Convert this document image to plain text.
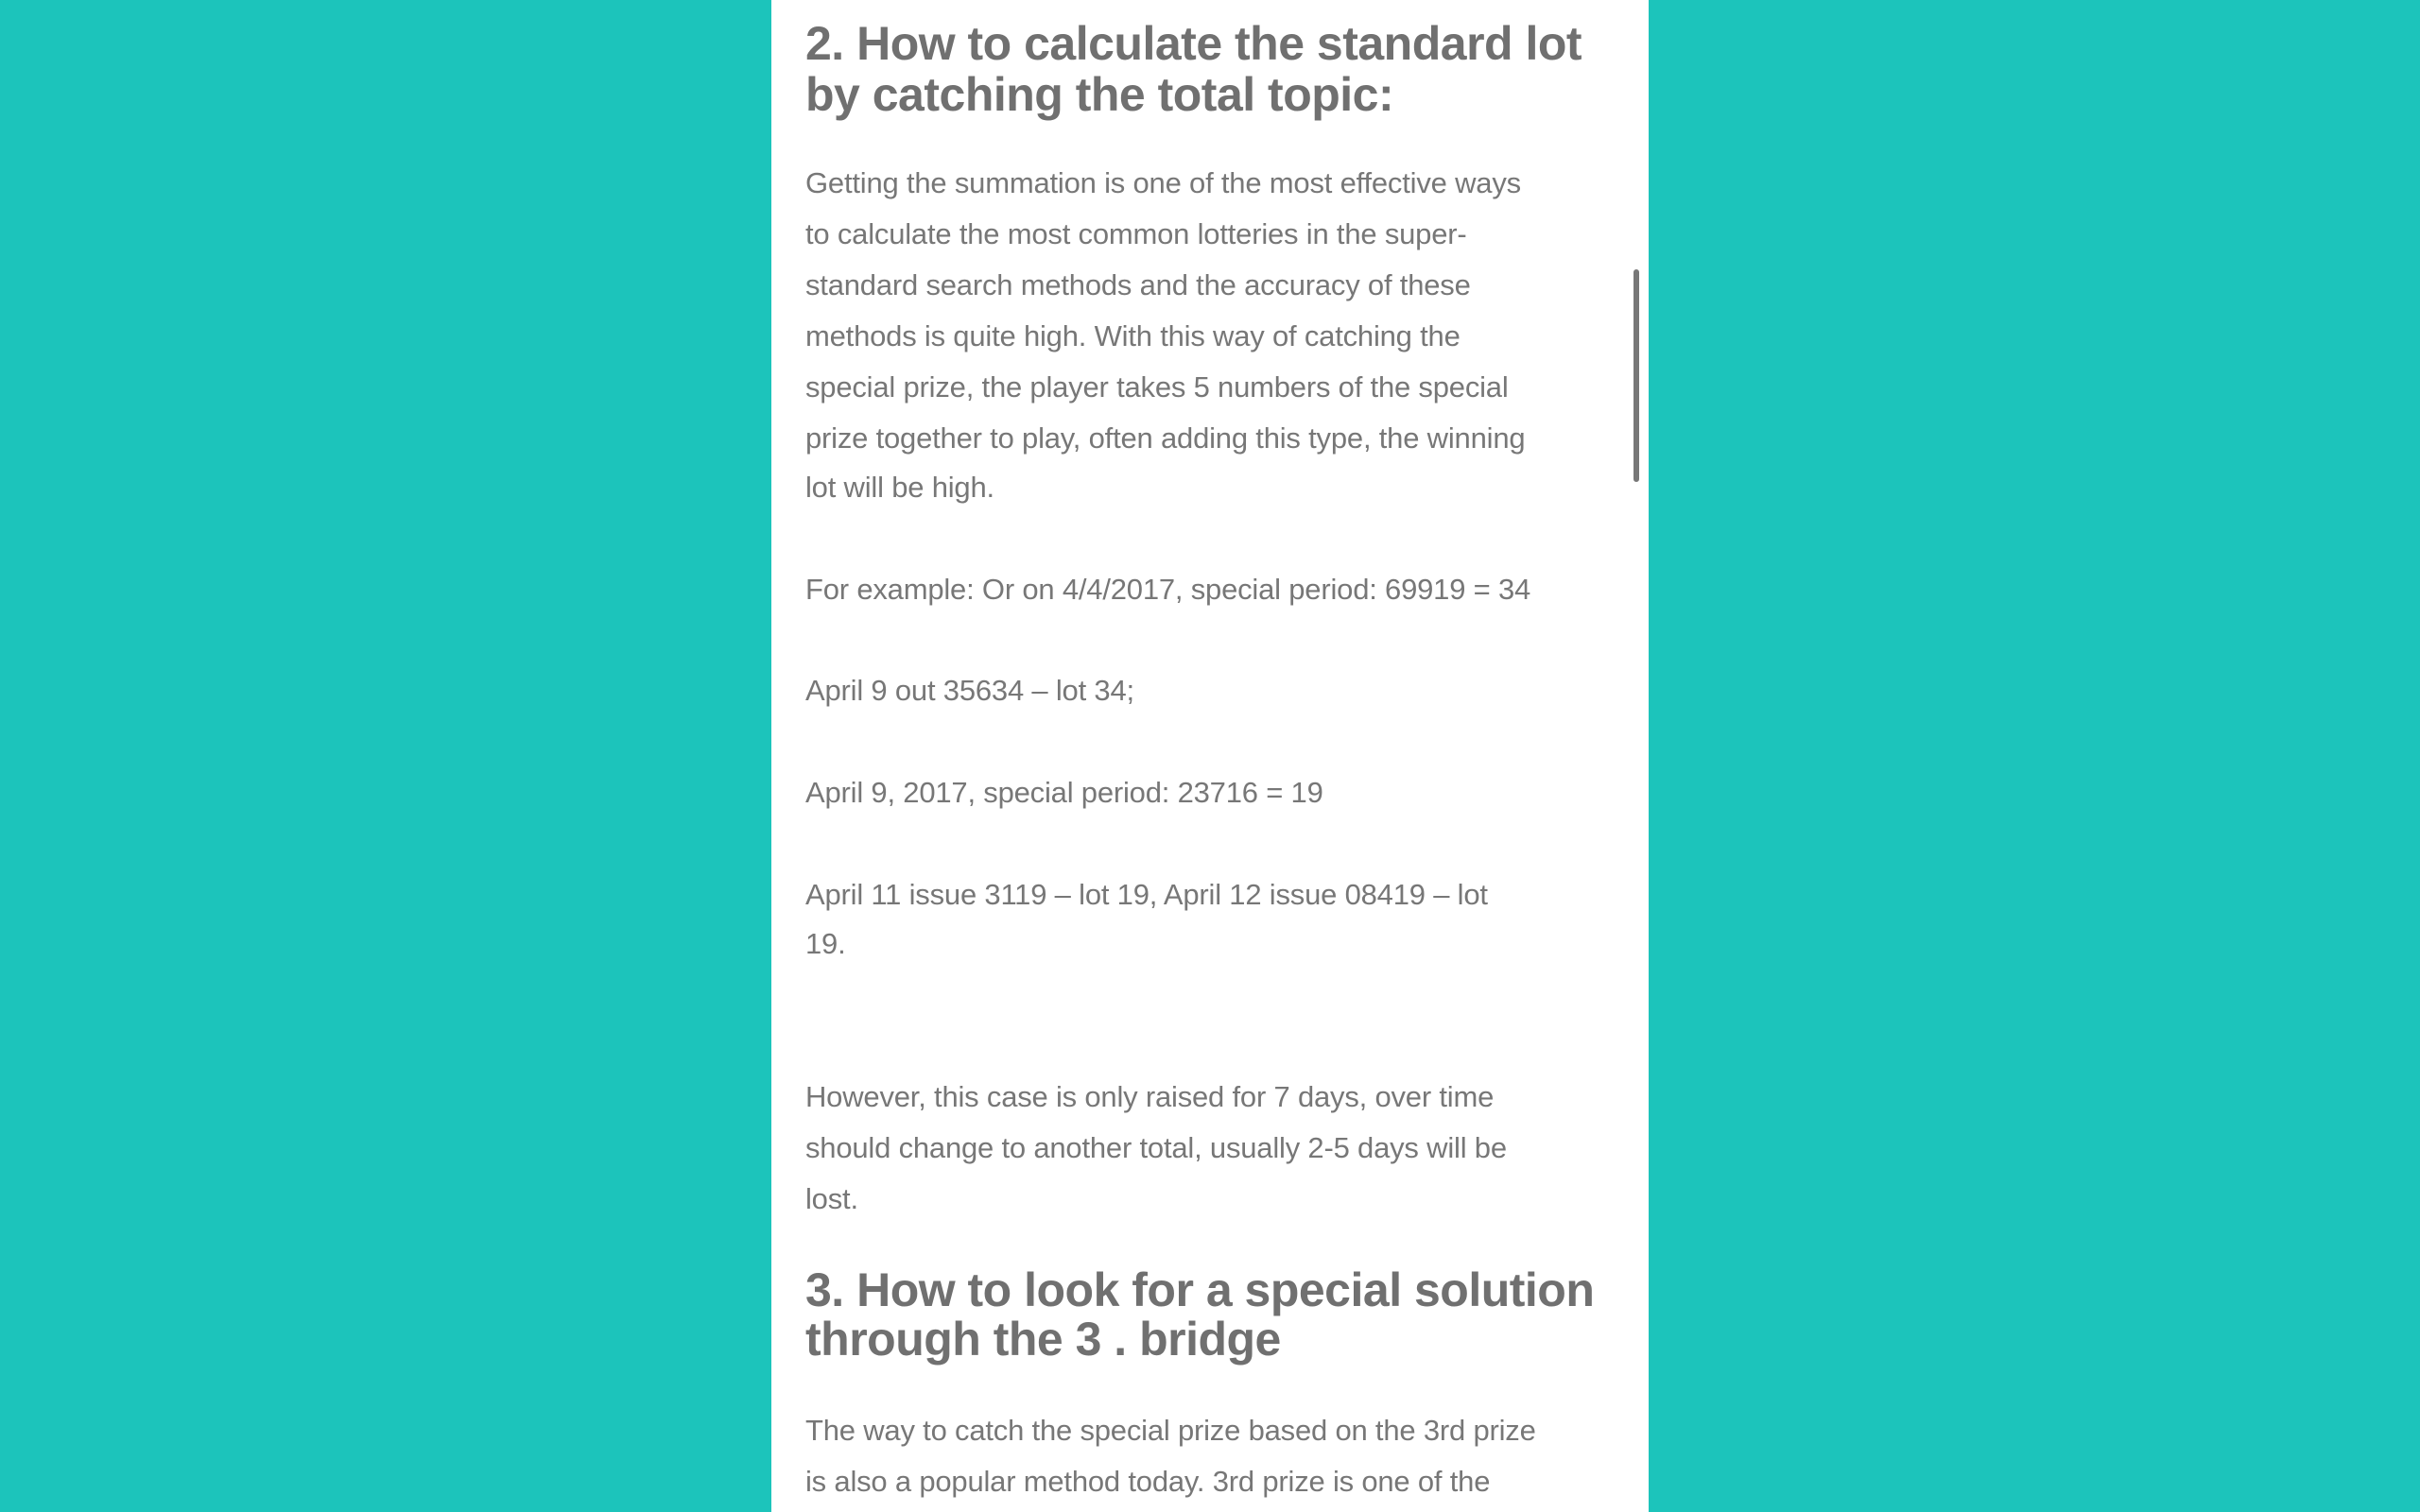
2. How to calculate the standard lot
by catching the total topic:
Getting the summation is one of the most effective ways
to calculate the most common lotteries in the super-
standard search methods and the accuracy of these
methods is quite high. With this way of catching the
special prize, the player takes 5 numbers of the special
prize together to play, often adding this type, the winning
lot will be high.
For example: Or on 4/4/2017, special period: 69919 = 34
April 9 out 35634 – lot 34;
April 9, 2017, special period: 23716 = 19
April 11 issue 3119 – lot 19, April 12 issue 08419 – lot
19.
However, this case is only raised for 7 days, over time
should change to another total, usually 2-5 days will be
lost.
3. How to look for a special solution
through the 3 . bridge
The way to catch the special prize based on the 3rd prize
is also a popular method today. 3rd prize is one of the
